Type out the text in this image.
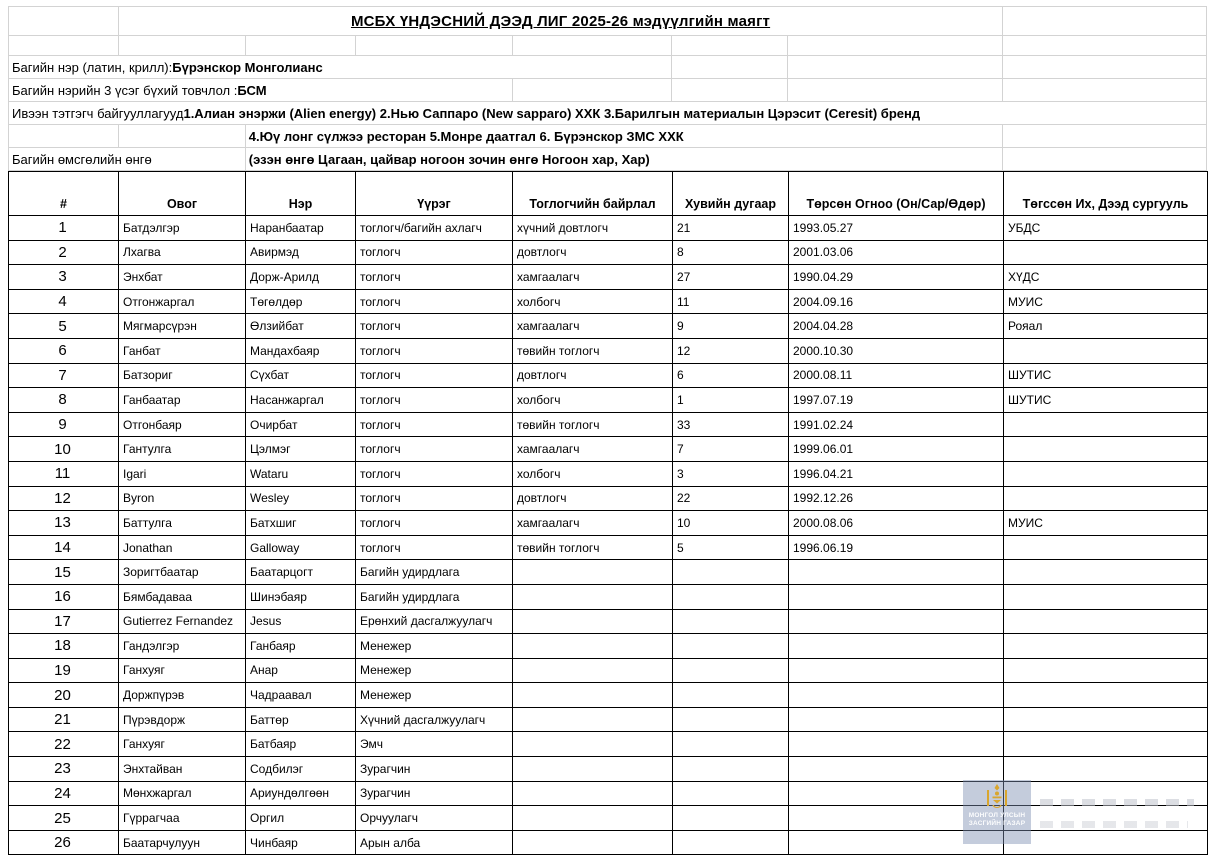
МСБХ ҮНДЭСНИЙ ДЭЭД ЛИГ 2025-26 мэдүүлгийн маягт
Багийн нэр (латин, крилл): Бүрэнскор Монголианс
Багийн нэрийн 3 үсэг бүхий товчлол : БСМ
Ивээн тэтгэгч байгууллагууд 1.Алиан энэржи (Alien energy) 2.Нью Саппаро (New sapparo) ХХК 3.Барилгын материалын Цэрэсит (Ceresit) бренд
4.Юү лонг сүлжээ ресторан 5.Монре даатгал 6. Бүрэнскор ЗМС ХХК
Багийн өмсгөлийн өнгө	(эзэн өнгө Цагаан, цайвар ногоон зочин өнгө Ногоон хар, Хар)
#	Овог	Нэр	Үүрэг	Тоглогчийн байрлал	Хувийн дугаар	Төрсөн Огноо (Он/Сар/Өдөр)	Төгссөн Их, Дээд сургууль
1	Батдэлгэр	Наранбаатар	тоглогч/багийн ахлагч	хүчний довтлогч	21	1993.05.27	УБДС
2	Лхагва	Авирмэд	тоглогч	довтлогч	8	2001.03.06	
3	Энхбат	Дорж-Арилд	тоглогч	хамгаалагч	27	1990.04.29	ХҮДС
4	Отгонжаргал	Төгөлдөр	тоглогч	холбогч	11	2004.09.16	МУИС
5	Мягмарсүрэн	Өлзийбат	тоглогч	хамгаалагч	9	2004.04.28	Рояал
6	Ганбат	Мандахбаяр	тоглогч	төвийн тоглогч	12	2000.10.30	
7	Батзориг	Сүхбат	тоглогч	довтлогч	6	2000.08.11	ШУТИС
8	Ганбаатар	Насанжаргал	тоглогч	холбогч	1	1997.07.19	ШУТИС
9	Отгонбаяр	Очирбат	тоглогч	төвийн тоглогч	33	1991.02.24	
10	Гантулга	Цэлмэг	тоглогч	хамгаалагч	7	1999.06.01	
11	Igari	Wataru	тоглогч	холбогч	3	1996.04.21	
12	Byron	Wesley	тоглогч	довтлогч	22	1992.12.26	
13	Баттулга	Батхшиг	тоглогч	хамгаалагч	10	2000.08.06	МУИС
14	Jonathan	Galloway	тоглогч	төвийн тоглогч	5	1996.06.19	
15	Зоригтбаатар	Баатарцогт	Багийн удирдлага				
16	Бямбадаваа	Шинэбаяр	Багийн удирдлага				
17	Gutierrez Fernandez	Jesus	Ерөнхий дасгалжуулагч				
18	Гандэлгэр	Ганбаяр	Менежер				
19	Ганхуяг	Анар	Менежер				
20	Доржпүрэв	Чадраавал	Менежер				
21	Пүрэвдорж	Баттөр	Хүчний дасгалжуулагч				
22	Ганхуяг	Батбаяр	Эмч				
23	Энхтайван	Содбилэг	Зурагчин				
24	Мөнхжаргал	Ариундөлгөөн	Зурагчин				
25	Гүррагчаа	Оргил	Орчуулагч				
26	Баатарчулуун	Чинбаяр	Арын алба				
МОНГОЛ УЛСЫН
ЗАСГИЙН ГАЗАР
